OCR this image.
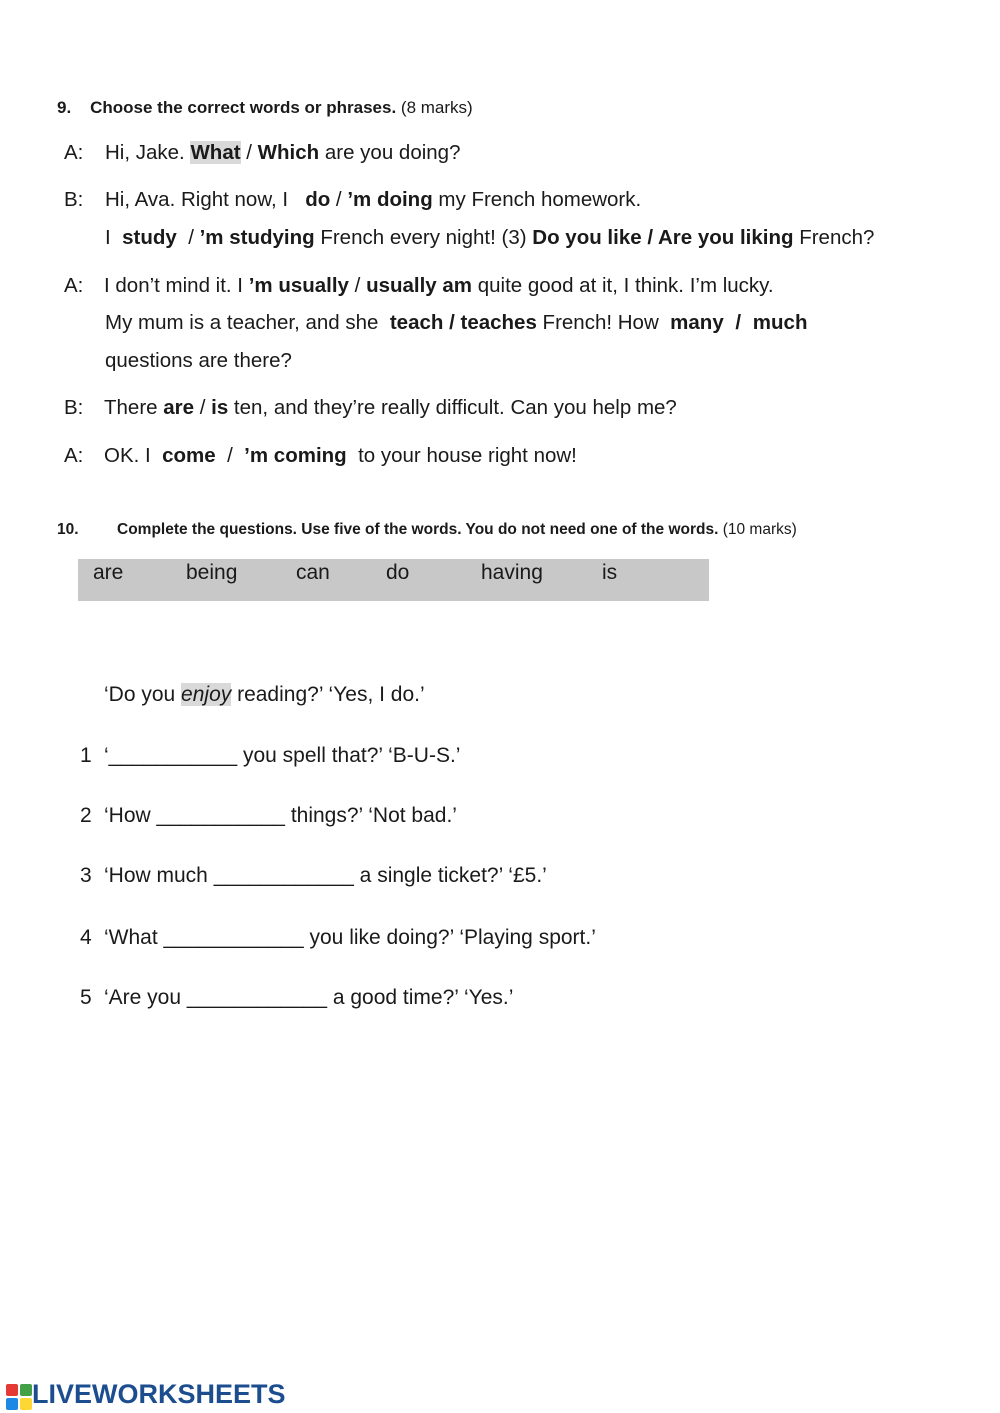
9. Choose the correct words or phrases. (8 marks)
A: Hi, Jake. What / Which are you doing?
B: Hi, Ava. Right now, I   do / ’m doing my French homework.
I  study  / ’m studying French every night! (3) Do you like / Are you liking French?
A: I don’t mind it. I ’m usually / usually am quite good at it, I think. I’m lucky.
My mum is a teacher, and she  teach / teaches French! How  many / much
questions are there?
B: There are / is ten, and they’re really difficult. Can you help me?
A: OK. I  come  /  ’m coming  to your house right now!
10. Complete the questions. Use five of the words. You do not need one of the words. (10 marks)
are	being	can	do	having	is
‘Do you enjoy reading?’ ‘Yes, I do.’
1 ‘___________ you spell that?’ ‘B-U-S.’
2 ‘How ___________ things?’ ‘Not bad.’
3 ‘How much ____________ a single ticket?’ ‘£5.’
4 ‘What ____________ you like doing?’ ‘Playing sport.’
5 ‘Are you ____________ a good time?’ ‘Yes.’
LIVEWORKSHEETS
